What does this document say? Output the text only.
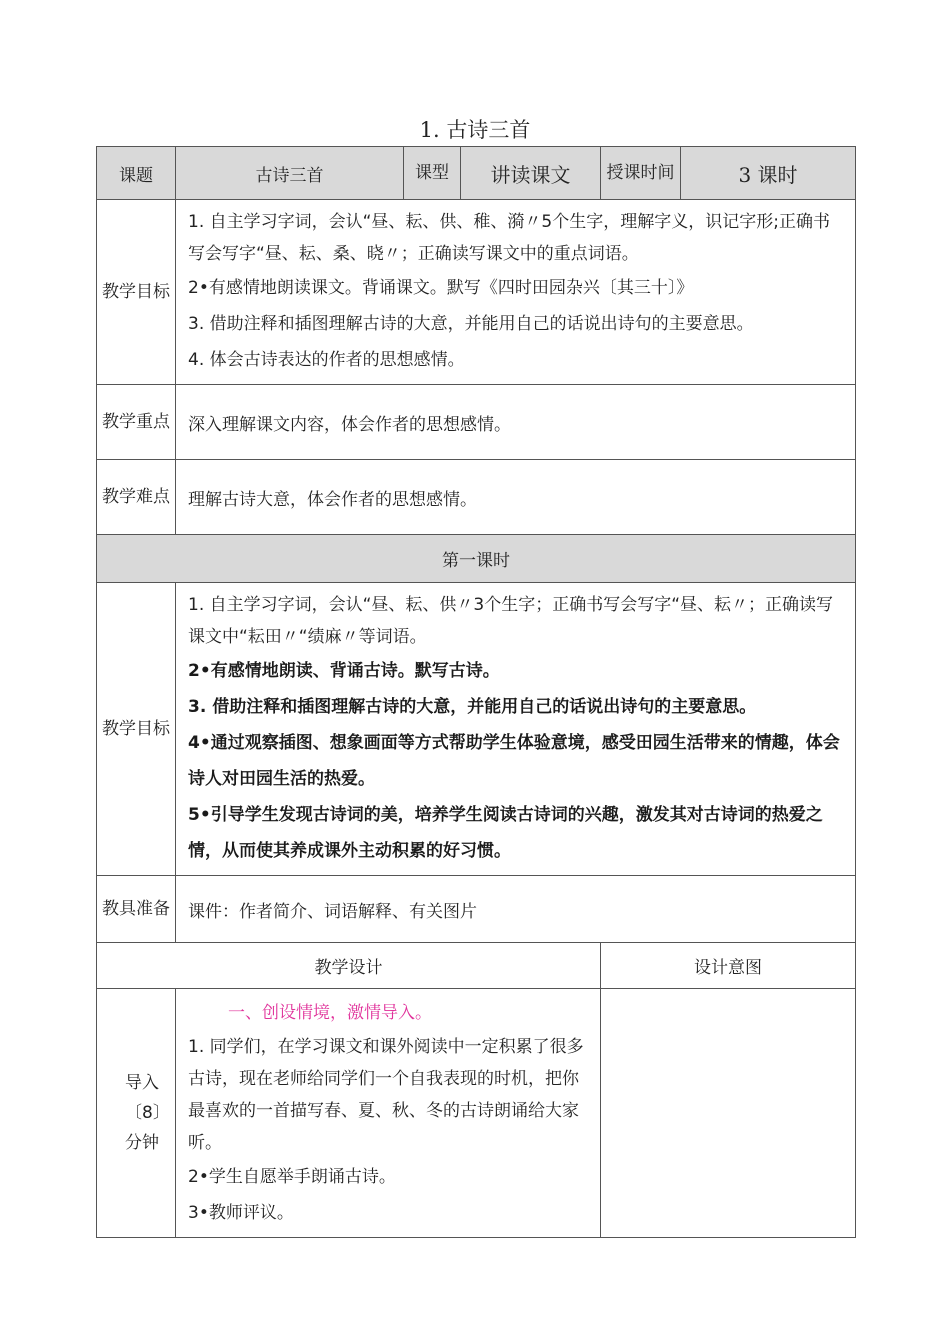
1. 古诗三首
课题	古诗三首	课型	讲读课文	授课时间	3 课时
教学目标	1. 自主学习字词，会认“昼、耘、供、稚、漪〃5个生字，理解字义，识记字形;正确书写会写字“昼、耘、桑、晓〃；正确读写课文中的重点词语。

2•有感情地朗读课文。背诵课文。默写《四时田园杂兴〔其三十〕》

3. 借助注释和插图理解古诗的大意，并能用自己的话说出诗句的主要意思。

4. 体会古诗表达的作者的思想感情。				

教学重点	深入理解课文内容，体会作者的思想感情。				
教学难点	理解古诗大意，体会作者的思想感情。				
第一课时					
教学目标	1. 自主学习字词，会认“昼、耘、供〃3个生字；正确书写会写字“昼、耘〃；正确读写课文中“耘田〃“绩麻〃等词语。

2•有感情地朗读、背诵古诗。默写古诗。

3. 借助注释和插图理解古诗的大意，并能用自己的话说出诗句的主要意思。

4•通过观察插图、想象画面等方式帮助学生体验意境，感受田园生活带来的情趣，体会诗人对田园生活的热爱。

5•引导学生发现古诗词的美，培养学生阅读古诗词的兴趣，激发其对古诗词的热爱之情，从而使其养成课外主动积累的好习惯。				

教具准备	课件：作者简介、词语解释、有关图片				
教学设计				设计意图	
导入〔8〕分钟	一、创设情境，激情导入。

1. 同学们，在学习课文和课外阅读中一定积累了很多古诗，现在老师给同学们一个自我表现的时机，把你最喜欢的一首描写春、夏、秋、冬的古诗朗诵给大家听。

2•学生自愿举手朗诵古诗。

3•教师评议。				
